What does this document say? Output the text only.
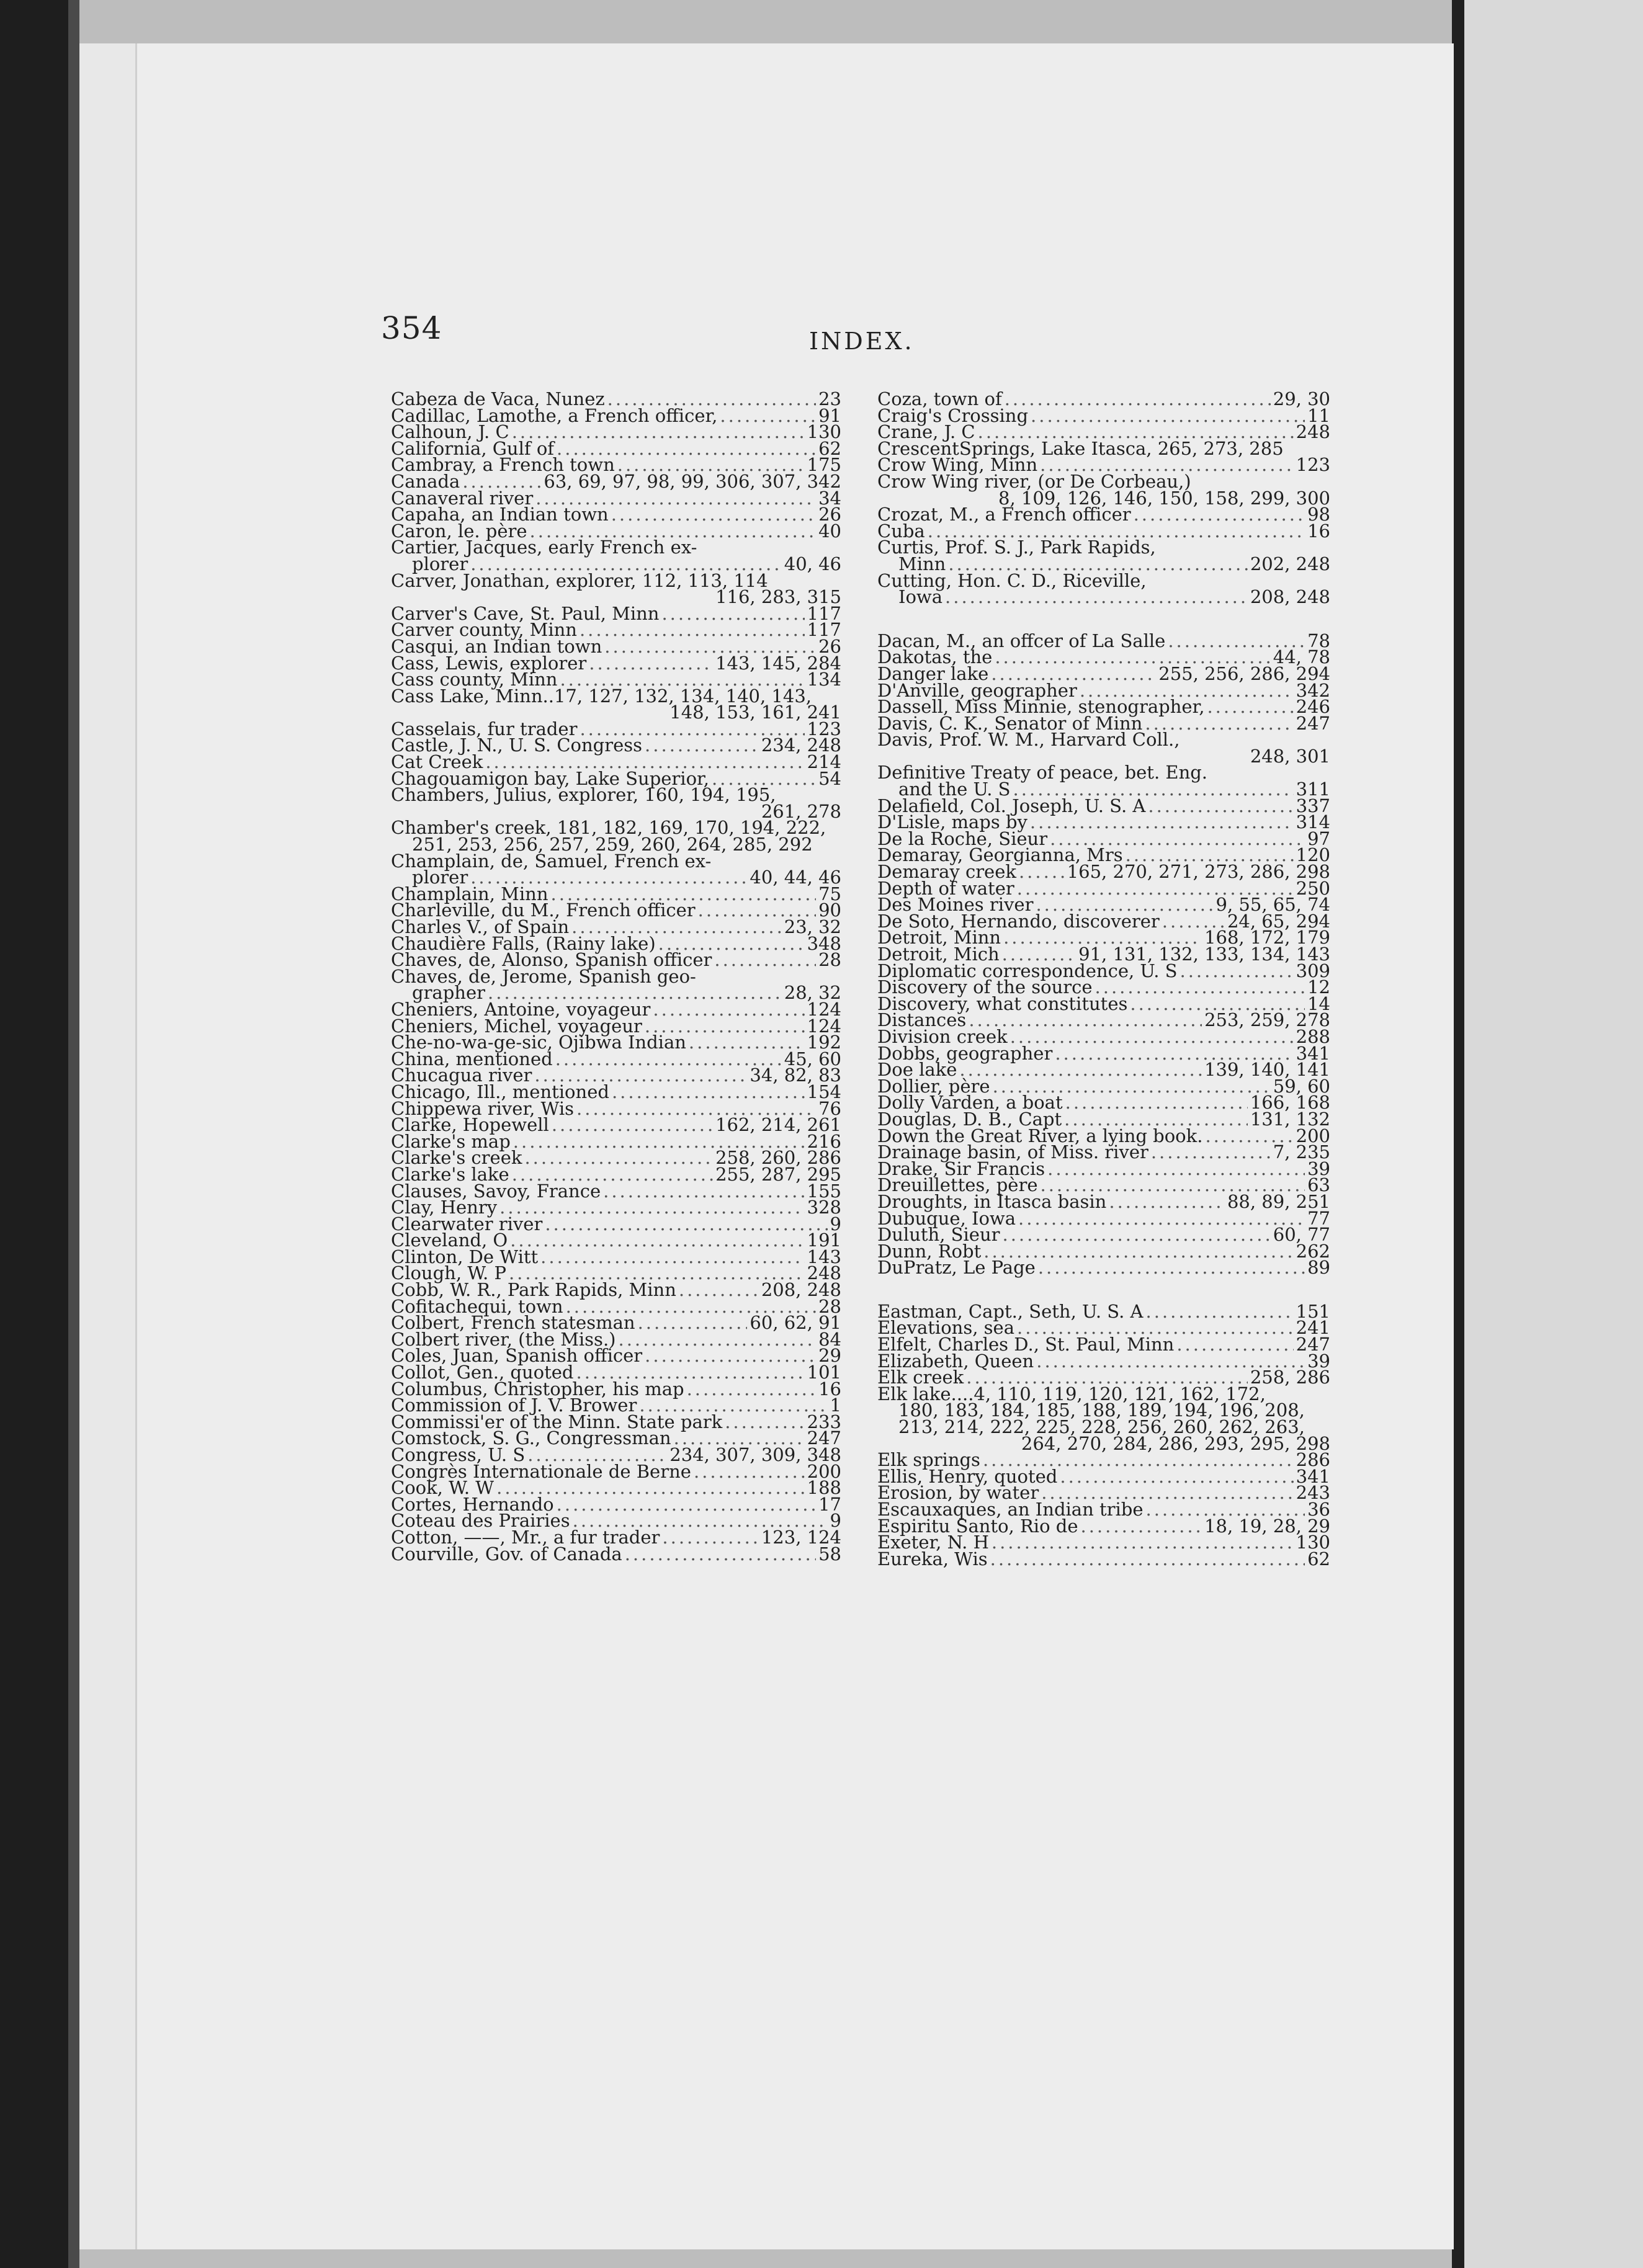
354	INDEX.
Cabeza de Vaca, Nunez .....	23
Cadillac, Lamothe, a French officer, .....	91
Calhoun, J. C .....	130
California, Gulf of .....	62
Cambray, a French town .....	175
Canada .....	63, 69, 97, 98, 99, 306, 307, 342
Canaveral river .....	34
Capaha, an Indian town .....	26
Caron, le. père .....	40
Cartier, Jacques, early French ex-
plorer .....	40, 46
Carver, Jonathan, explorer, 112, 113, 114
116, 283, 315
Carver's Cave, St. Paul, Minn .....	117
Carver county, Minn .....	117
Casqui, an Indian town .....	26
Cass, Lewis, explorer .....	143, 145, 284
Cass county, Minn .....	134
Cass Lake, Minn..17, 127, 132, 134, 140, 143,
148, 153, 161, 241
Casselais, fur trader .....	123
Castle, J. N., U. S. Congress .....	234, 248
Cat Creek .....	214
Chagouamigon bay, Lake Superior, .....	54
Chambers, Julius, explorer, 160, 194, 195,
261, 278
Chamber's creek, 181, 182, 169, 170, 194, 222,
251, 253, 256, 257, 259, 260, 264, 285, 292
Champlain, de, Samuel, French ex-
plorer .....	40, 44, 46
Champlain, Minn .....	75
Charleville, du M., French officer .....	90
Charles V., of Spain .....	23, 32
Chaudière Falls, (Rainy lake) .....	348
Chaves, de, Alonso, Spanish officer .....	28
Chaves, de, Jerome, Spanish geo-
grapher .....	28, 32
Cheniers, Antoine, voyageur .....	124
Cheniers, Michel, voyageur .....	124
Che-no-wa-ge-sic, Ojibwa Indian .....	192
China, mentioned .....	45, 60
Chucagua river .....	34, 82, 83
Chicago, Ill., mentioned .....	154
Chippewa river, Wis .....	76
Clarke, Hopewell .....	162, 214, 261
Clarke's map .....	216
Clarke's creek .....	258, 260, 286
Clarke's lake .....	255, 287, 295
Clauses, Savoy, France .....	155
Clay, Henry .....	328
Clearwater river .....	9
Cleveland, O .....	191
Clinton, De Witt .....	143
Clough, W. P .....	248
Cobb, W. R., Park Rapids, Minn .....	208, 248
Cofitachequi, town .....	28
Colbert, French statesman .....	60, 62, 91
Colbert river, (the Miss.) .....	84
Coles, Juan, Spanish officer .....	29
Collot, Gen., quoted .....	101
Columbus, Christopher, his map .....	16
Commission of J. V. Brower .....	1
Commissi'er of the Minn. State park .....	233
Comstock, S. G., Congressman .....	247
Congress, U. S .....	234, 307, 309, 348
Congrès Internationale de Berne .....	200
Cook, W. W .....	188
Cortes, Hernando .....	17
Coteau des Prairies .....	9
Cotton, ——, Mr., a fur trader .....	123, 124
Courville, Gov. of Canada .....	58
Coza, town of .....	29, 30
Craig's Crossing .....	11
Crane, J. C .....	248
CrescentSprings, Lake Itasca, 265, 273, 285
Crow Wing, Minn .....	123
Crow Wing river, (or De Corbeau,)
8, 109, 126, 146, 150, 158, 299, 300
Crozat, M., a French officer .....	98
Cuba .....	16
Curtis, Prof. S. J., Park Rapids,
Minn .....	202, 248
Cutting, Hon. C. D., Riceville,
Iowa .....	208, 248
Dacan, M., an offcer of La Salle .....	78
Dakotas, the .....	44, 78
Danger lake .....	255, 256, 286, 294
D'Anville, geographer .....	342
Dassell, Miss Minnie, stenographer, .....	246
Davis, C. K., Senator of Minn .....	247
Davis, Prof. W. M., Harvard Coll.,
248, 301
Definitive Treaty of peace, bet. Eng.
and the U. S .....	311
Delafield, Col. Joseph, U. S. A .....	337
D'Lisle, maps by .....	314
De la Roche, Sieur .....	97
Demaray, Georgianna, Mrs .....	120
Demaray creek .....	165, 270, 271, 273, 286, 298
Depth of water .....	250
Des Moines river .....	9, 55, 65, 74
De Soto, Hernando, discoverer .....	24, 65, 294
Detroit, Minn .....	168, 172, 179
Detroit, Mich .....	91, 131, 132, 133, 134, 143
Diplomatic correspondence, U. S .....	309
Discovery of the source .....	12
Discovery, what constitutes .....	14
Distances .....	253, 259, 278
Division creek .....	288
Dobbs, geographer .....	341
Doe lake .....	139, 140, 141
Dollier, père .....	59, 60
Dolly Varden, a boat .....	166, 168
Douglas, D. B., Capt .....	131, 132
Down the Great River, a lying book. .....	200
Drainage basin, of Miss. river .....	7, 235
Drake, Sir Francis .....	39
Dreuillettes, père .....	63
Droughts, in Itasca basin .....	88, 89, 251
Dubuque, Iowa .....	77
Duluth, Sieur .....	60, 77
Dunn, Robt .....	262
DuPratz, Le Page .....	89
Eastman, Capt., Seth, U. S. A .....	151
Elevations, sea .....	241
Elfelt, Charles D., St. Paul, Minn .....	247
Elizabeth, Queen .....	39
Elk creek .....	258, 286
Elk lake....4, 110, 119, 120, 121, 162, 172,
180, 183, 184, 185, 188, 189, 194, 196, 208,
213, 214, 222, 225, 228, 256, 260, 262, 263,
264, 270, 284, 286, 293, 295, 298
Elk springs .....	286
Ellis, Henry, quoted .....	341
Erosion, by water .....	243
Escauxaques, an Indian tribe .....	36
Espiritu Santo, Rio de .....	18, 19, 28, 29
Exeter, N. H .....	130
Eureka, Wis .....	62
